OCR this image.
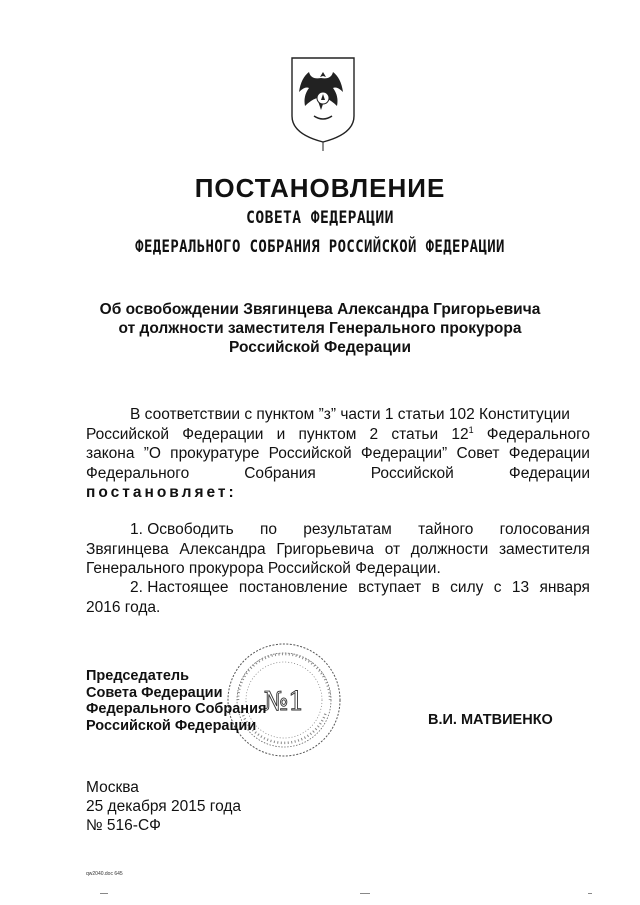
ПОСТАНОВЛЕНИЕ
СОВЕТА ФЕДЕРАЦИИ
ФЕДЕРАЛЬНОГО СОБРАНИЯ РОССИЙСКОЙ ФЕДЕРАЦИИ
Об освобождении Звягинцева Александра Григорьевича
от должности заместителя Генерального прокурора
Российской Федерации
В соответствии с пунктом ”з” части 1 статьи 102 Конституции
Российской Федерации и пунктом 2 статьи $12^1$ Федерального
закона ”О прокуратуре Российской Федерации” Совет Федерации
Федерального	Собрания	Российской	Федерации
постановляет:
1. Освободить по результатам тайного голосования
Звягинцева Александра Григорьевича от должности заместителя
Генерального прокурора Российской Федерации.
2. Настоящее постановление вступает в силу с 13 января
2016 года.
№1
Председатель
Совета Федерации
Федерального Собрания
Российской Федерации	В.И. МАТВИЕНКО
Москва
25 декабря 2015 года
№ 516-СФ
qw2040.doc 645
